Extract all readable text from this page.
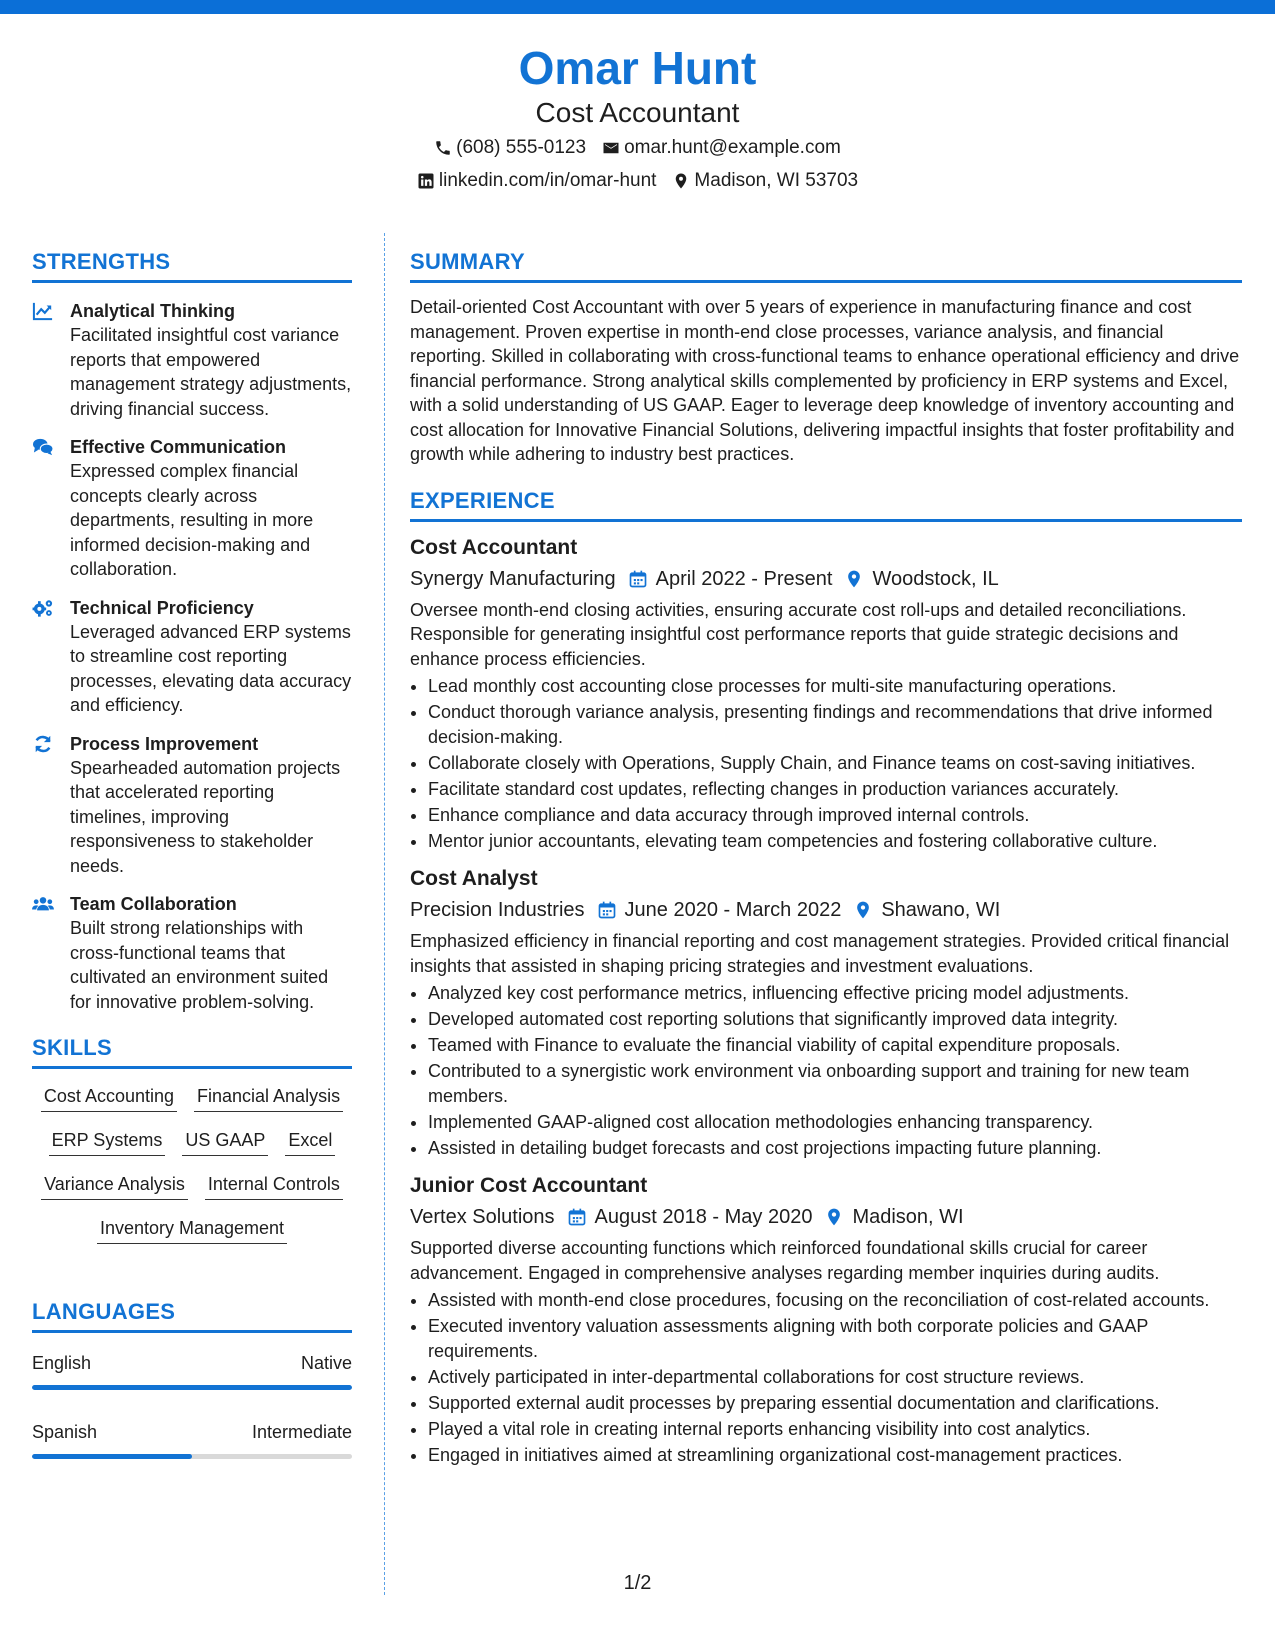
Omar Hunt
Cost Accountant
(608) 555-0123 omar.hunt@example.com
linkedin.com/in/omar-hunt Madison, WI 53703
STRENGTHS
Analytical Thinking
Facilitated insightful cost variance reports that empowered management strategy adjustments, driving financial success.
Effective Communication
Expressed complex financial concepts clearly across departments, resulting in more informed decision-making and collaboration.
Technical Proficiency
Leveraged advanced ERP systems to streamline cost reporting processes, elevating data accuracy and efficiency.
Process Improvement
Spearheaded automation projects that accelerated reporting timelines, improving responsiveness to stakeholder needs.
Team Collaboration
Built strong relationships with cross-functional teams that cultivated an environment suited for innovative problem-solving.
SKILLS
Cost Accounting Financial Analysis
ERP Systems US GAAP Excel
Variance Analysis Internal Controls
Inventory Management
LANGUAGES
English	Native
Spanish	Intermediate
SUMMARY
Detail-oriented Cost Accountant with over 5 years of experience in manufacturing finance and cost management. Proven expertise in month-end close processes, variance analysis, and financial reporting. Skilled in collaborating with cross-functional teams to enhance operational efficiency and drive financial performance. Strong analytical skills complemented by proficiency in ERP systems and Excel, with a solid understanding of US GAAP. Eager to leverage deep knowledge of inventory accounting and cost allocation for Innovative Financial Solutions, delivering impactful insights that foster profitability and growth while adhering to industry best practices.
EXPERIENCE
Cost Accountant
Synergy Manufacturing April 2022 - Present Woodstock, IL
Oversee month-end closing activities, ensuring accurate cost roll-ups and detailed reconciliations. Responsible for generating insightful cost performance reports that guide strategic decisions and enhance process efficiencies.
• Lead monthly cost accounting close processes for multi-site manufacturing operations.
• Conduct thorough variance analysis, presenting findings and recommendations that drive informed decision-making.
• Collaborate closely with Operations, Supply Chain, and Finance teams on cost-saving initiatives.
• Facilitate standard cost updates, reflecting changes in production variances accurately.
• Enhance compliance and data accuracy through improved internal controls.
• Mentor junior accountants, elevating team competencies and fostering collaborative culture.
Cost Analyst
Precision Industries June 2020 - March 2022 Shawano, WI
Emphasized efficiency in financial reporting and cost management strategies. Provided critical financial insights that assisted in shaping pricing strategies and investment evaluations.
• Analyzed key cost performance metrics, influencing effective pricing model adjustments.
• Developed automated cost reporting solutions that significantly improved data integrity.
• Teamed with Finance to evaluate the financial viability of capital expenditure proposals.
• Contributed to a synergistic work environment via onboarding support and training for new team members.
• Implemented GAAP-aligned cost allocation methodologies enhancing transparency.
• Assisted in detailing budget forecasts and cost projections impacting future planning.
Junior Cost Accountant
Vertex Solutions August 2018 - May 2020 Madison, WI
Supported diverse accounting functions which reinforced foundational skills crucial for career advancement. Engaged in comprehensive analyses regarding member inquiries during audits.
• Assisted with month-end close procedures, focusing on the reconciliation of cost-related accounts.
• Executed inventory valuation assessments aligning with both corporate policies and GAAP requirements.
• Actively participated in inter-departmental collaborations for cost structure reviews.
• Supported external audit processes by preparing essential documentation and clarifications.
• Played a vital role in creating internal reports enhancing visibility into cost analytics.
• Engaged in initiatives aimed at streamlining organizational cost-management practices.
1/2
